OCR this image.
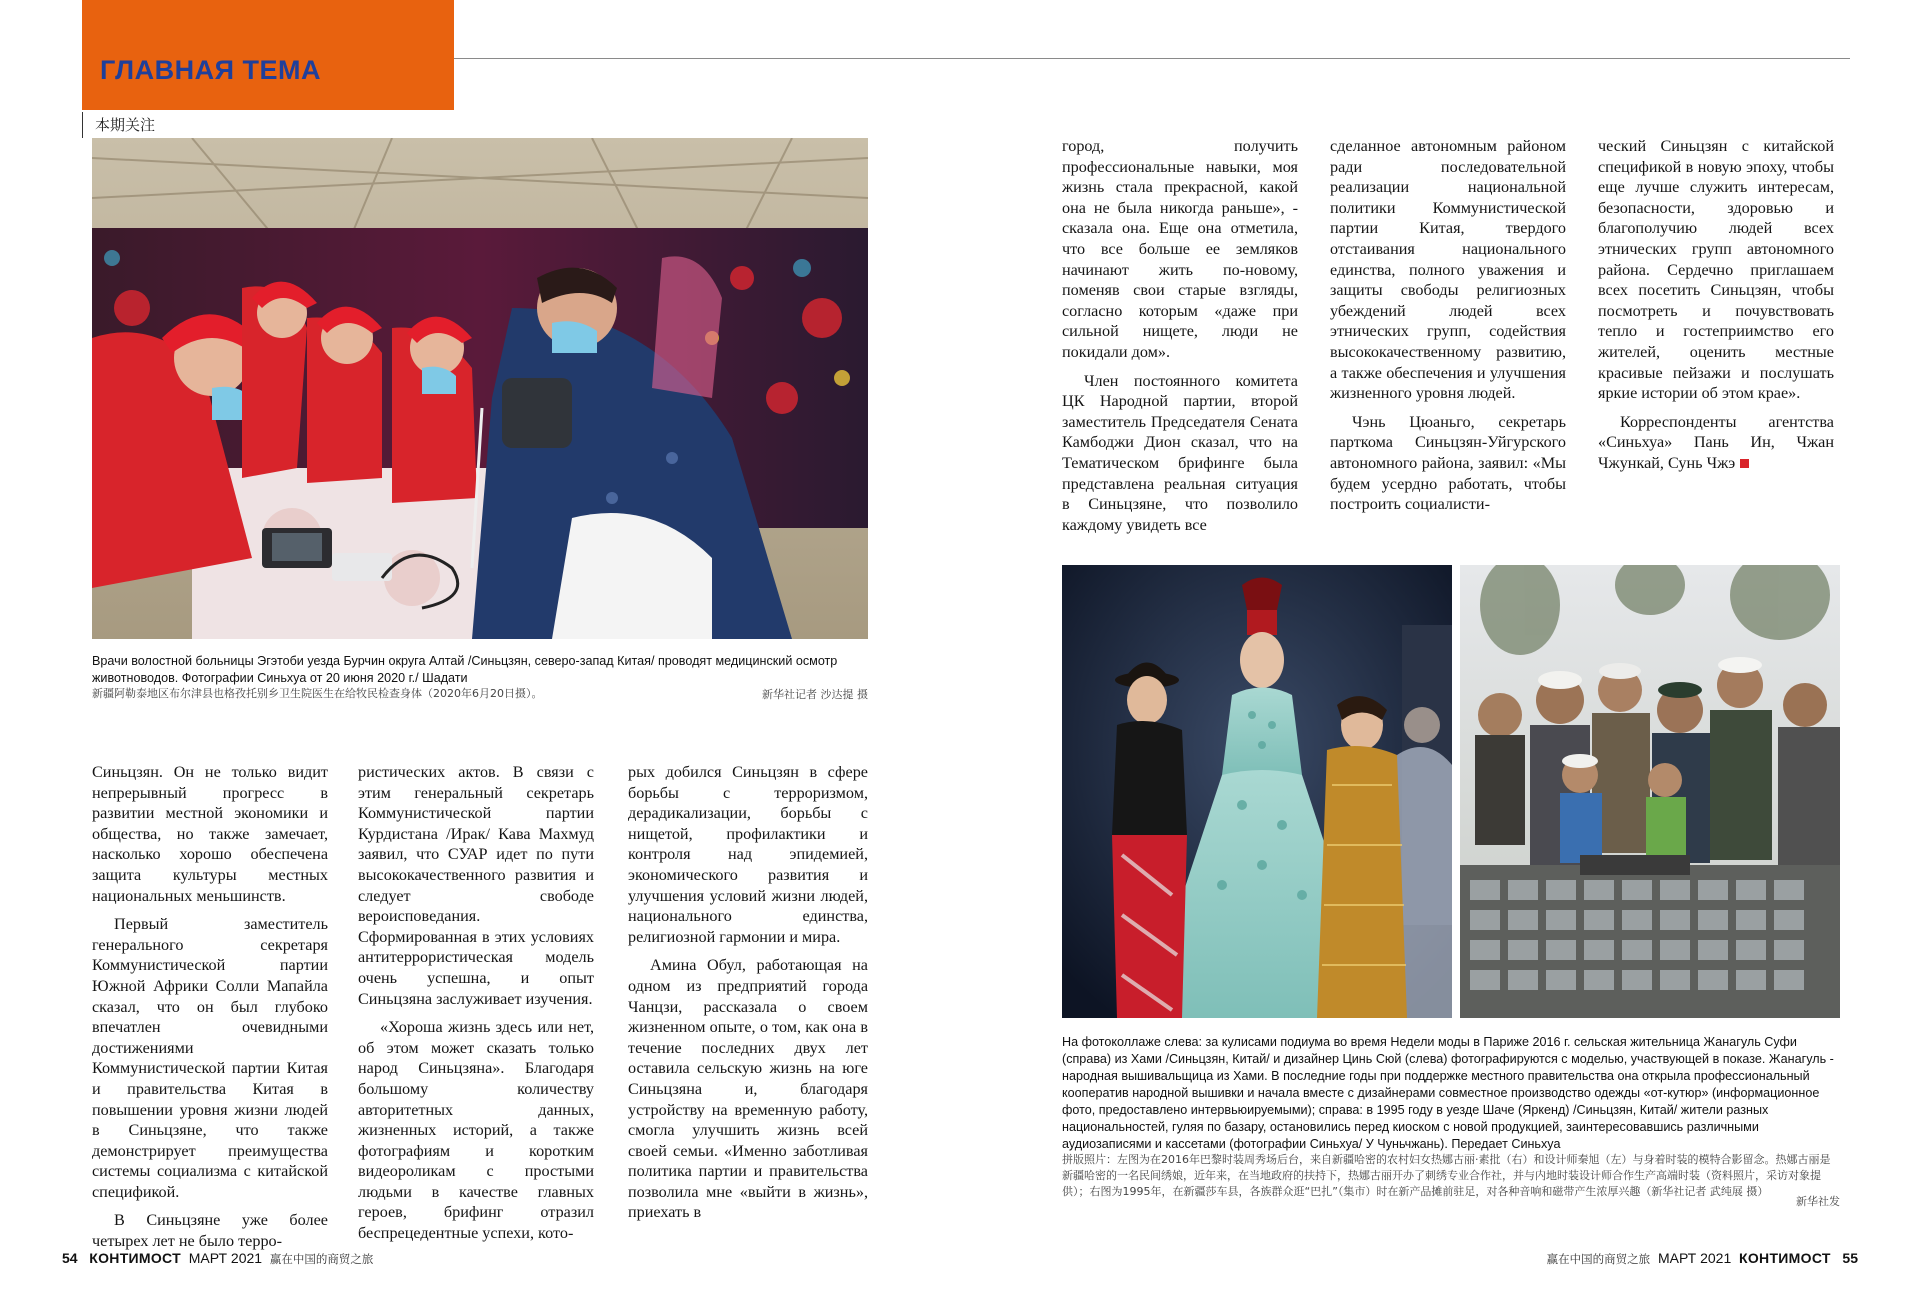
ГЛАВНАЯ ТЕМА
本期关注
Врачи волостной больницы Эгэтоби уезда Бурчин округа Алтай /Синьцзян, северо-запад Китая/ проводят медицинский осмотр животноводов. Фотографии Синьхуа от 20 июня 2020 г./ Шадати
新疆阿勒泰地区布尔津县也格孜托别乡卫生院医生在给牧民检查身体（2020年6月20日摄）。	新华社记者 沙达提 摄

Синьцзян. Он не только видит непрерывный прогресс в развитии местной экономики и общества, но также замечает, насколько хорошо обеспечена защита культуры местных национальных меньшинств.

Первый заместитель генерального секретаря Коммунистической партии Южной Африки Солли Мапайла сказал, что он был глубоко впечатлен очевидными достижениями Коммунистической партии Китая и правительства Китая в повышении уровня жизни людей в Синьцзяне, что также демонстрирует преимущества системы социализма с китайской спецификой.

В Синьцзяне уже более четырех лет не было терро-

ристических актов. В связи с этим генеральный секретарь Коммунистической партии Курдистана /Ирак/ Кава Махмуд заявил, что СУАР идет по пути высококачественного развития и следует свободе вероисповедания. Сформированная в этих условиях антитеррористическая модель очень успешна, и опыт Синьцзяна заслуживает изучения.

«Хороша жизнь здесь или нет, об этом может сказать только народ Синьцзяна». Благодаря большому количеству авторитетных данных, жизненных историй, а также фотографиям и коротким видеороликам с простыми людьми в качестве главных героев, брифинг отразил беспрецедентные успехи, кото-

рых добился Синьцзян в сфере борьбы с терроризмом, дерадикализации, борьбы с нищетой, профилактики и контроля над эпидемией, экономического развития и улучшения условий жизни людей, национального единства, религиозной гармонии и мира.

Амина Обул, работающая на одном из предприятий города Чанцзи, рассказала о своем жизненном опыте, о том, как она в течение последних двух лет оставила сельскую жизнь на юге Синьцзяна и, благодаря устройству на временную работу, смогла улучшить жизнь всей своей семьи. «Именно заботливая политика партии и правительства позволила мне «выйти в жизнь», приехать в

город, получить профессиональные навыки, моя жизнь стала прекрасной, какой она не была никогда раньше», - сказала она. Еще она отметила, что все больше ее земляков начинают жить по-новому, поменяв свои старые взгляды, согласно которым «даже при сильной нищете, люди не покидали дом».

Член постоянного комитета ЦК Народной партии, второй заместитель Председателя Сената Камбоджи Дион сказал, что на Тематическом брифинге была представлена реальная ситуация в Синьцзяне, что позволило каждому увидеть все

сделанное автономным районом ради последовательной реализации национальной политики Коммунистической партии Китая, твердого отстаивания национального единства, полного уважения и защиты свободы религиозных убеждений людей всех этнических групп, содействия высококачественному развитию, а также обеспечения и улучшения жизненного уровня людей.

Чэнь Цюаньго, секретарь парткома Синьцзян-Уйгурского автономного района, заявил: «Мы будем усердно работать, чтобы построить социалисти-

ческий Синьцзян с китайской спецификой в новую эпоху, чтобы еще лучше служить интересам, безопасности, здоровью и благополучию людей всех этнических групп автономного района. Сердечно приглашаем всех посетить Синьцзян, чтобы посмотреть и почувствовать тепло и гостеприимство его жителей, оценить местные красивые пейзажи и послушать яркие истории об этом крае».

Корреспонденты агентства «Синьхуа» Пань Ин, Чжан Чжункай, Сунь Чжэ

На фотоколлаже слева: за кулисами подиума во время Недели моды в Париже 2016 г. сельская жительница Жанагуль Суфи (справа) из Хами /Синьцзян, Китай/ и дизайнер Цинь Сюй (слева) фотографируются с моделью, участвующей в показе. Жанагуль - народная вышивальщица из Хами. В последние годы при поддержке местного правительства она открыла профессиональный кооператив народной вышивки и начала вместе с дизайнерами совместное производство одежды «от-кутюр» (информационное фото, предоставлено интервьюируемыми); справа: в 1995 году в уезде Шаче (Яркенд) /Синьцзян, Китай/ жители разных национальностей, гуляя по базару, остановились перед киоском с новой продукцией, заинтересовавшись различными аудиозаписями и кассетами (фотографии Синьхуа/ У Чуньчжань). Передает Синьхуа
拼版照片：左图为在2016年巴黎时装周秀场后台，来自新疆哈密的农村妇女热娜古丽·素批（右）和设计师秦旭（左）与身着时装的模特合影留念。热娜古丽是新疆哈密的一名民间绣娘，近年来，在当地政府的扶持下，热娜古丽开办了刺绣专业合作社，并与内地时装设计师合作生产高端时装（资料照片，采访对象提供）；右图为1995年，在新疆莎车县，各族群众逛“巴扎”（集市）时在新产品摊前驻足，对各种音响和磁带产生浓厚兴趣（新华社记者 武纯展 摄）
新华社发
54 КОНТИМОСТ МАРТ 2021 赢在中国的商贸之旅	赢在中国的商贸之旅 МАРТ 2021 КОНТИМОСТ 55
